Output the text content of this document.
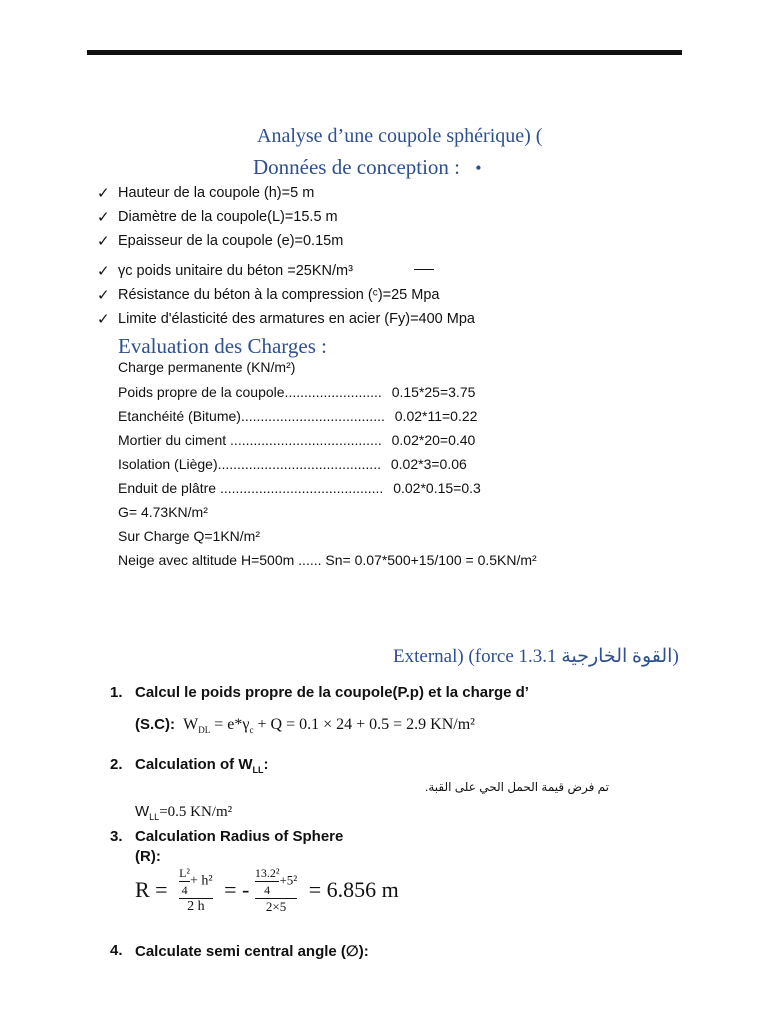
Analyse d’une coupole sphérique) (
Données de conception : •
✓ Hauteur de la coupole (h)=5 m
✓ Diamètre de la coupole(L)=15.5 m
✓ Epaisseur de la coupole (e)=0.15m
✓ γc poids unitaire du béton =25KN/m³
✓ Résistance du béton à la compression (ᶜ)=25 Mpa
✓ Limite d'élasticité des armatures en acier (Fy)=400 Mpa
Evaluation des Charges :
Charge permanente (KN/m²)
Poids propre de la coupole......................... 0.15*25=3.75
Etanchéité (Bitume)..................................... 0.02*11=0.22
Mortier du ciment ....................................... 0.02*20=0.40
Isolation (Liège).......................................... 0.02*3=0.06
Enduit de plâtre .......................................... 0.02*0.15=0.3
G= 4.73KN/m²
Sur Charge Q=1KN/m²
Neige avec altitude H=500m ...... Sn= 0.07*500+15/100 = 0.5KN/m²
External) (force القوة الخارجية 1.3.1)
1. Calcul le poids propre de la coupole(P.p) et la charge d’
(S.C): $W_{DL} = e*\gamma_c + Q = 0.1 \times 24 + 0.5 = 2.9$ KN/m²
2. Calculation of $W_{LL}$:
تم فرض قيمة الحمل الحي على القبة.
$W_{LL}=0.5$ KN/m²
3. Calculation Radius of Sphere
(R):
$R = \frac{\frac{\text{L²}}{4} + h^2}{2 h}$ = - $\frac{\frac{\text{13.2²}}{4} +5^2}{2\times 5} = 6.856$ m
4. Calculate semi central angle (∅):
